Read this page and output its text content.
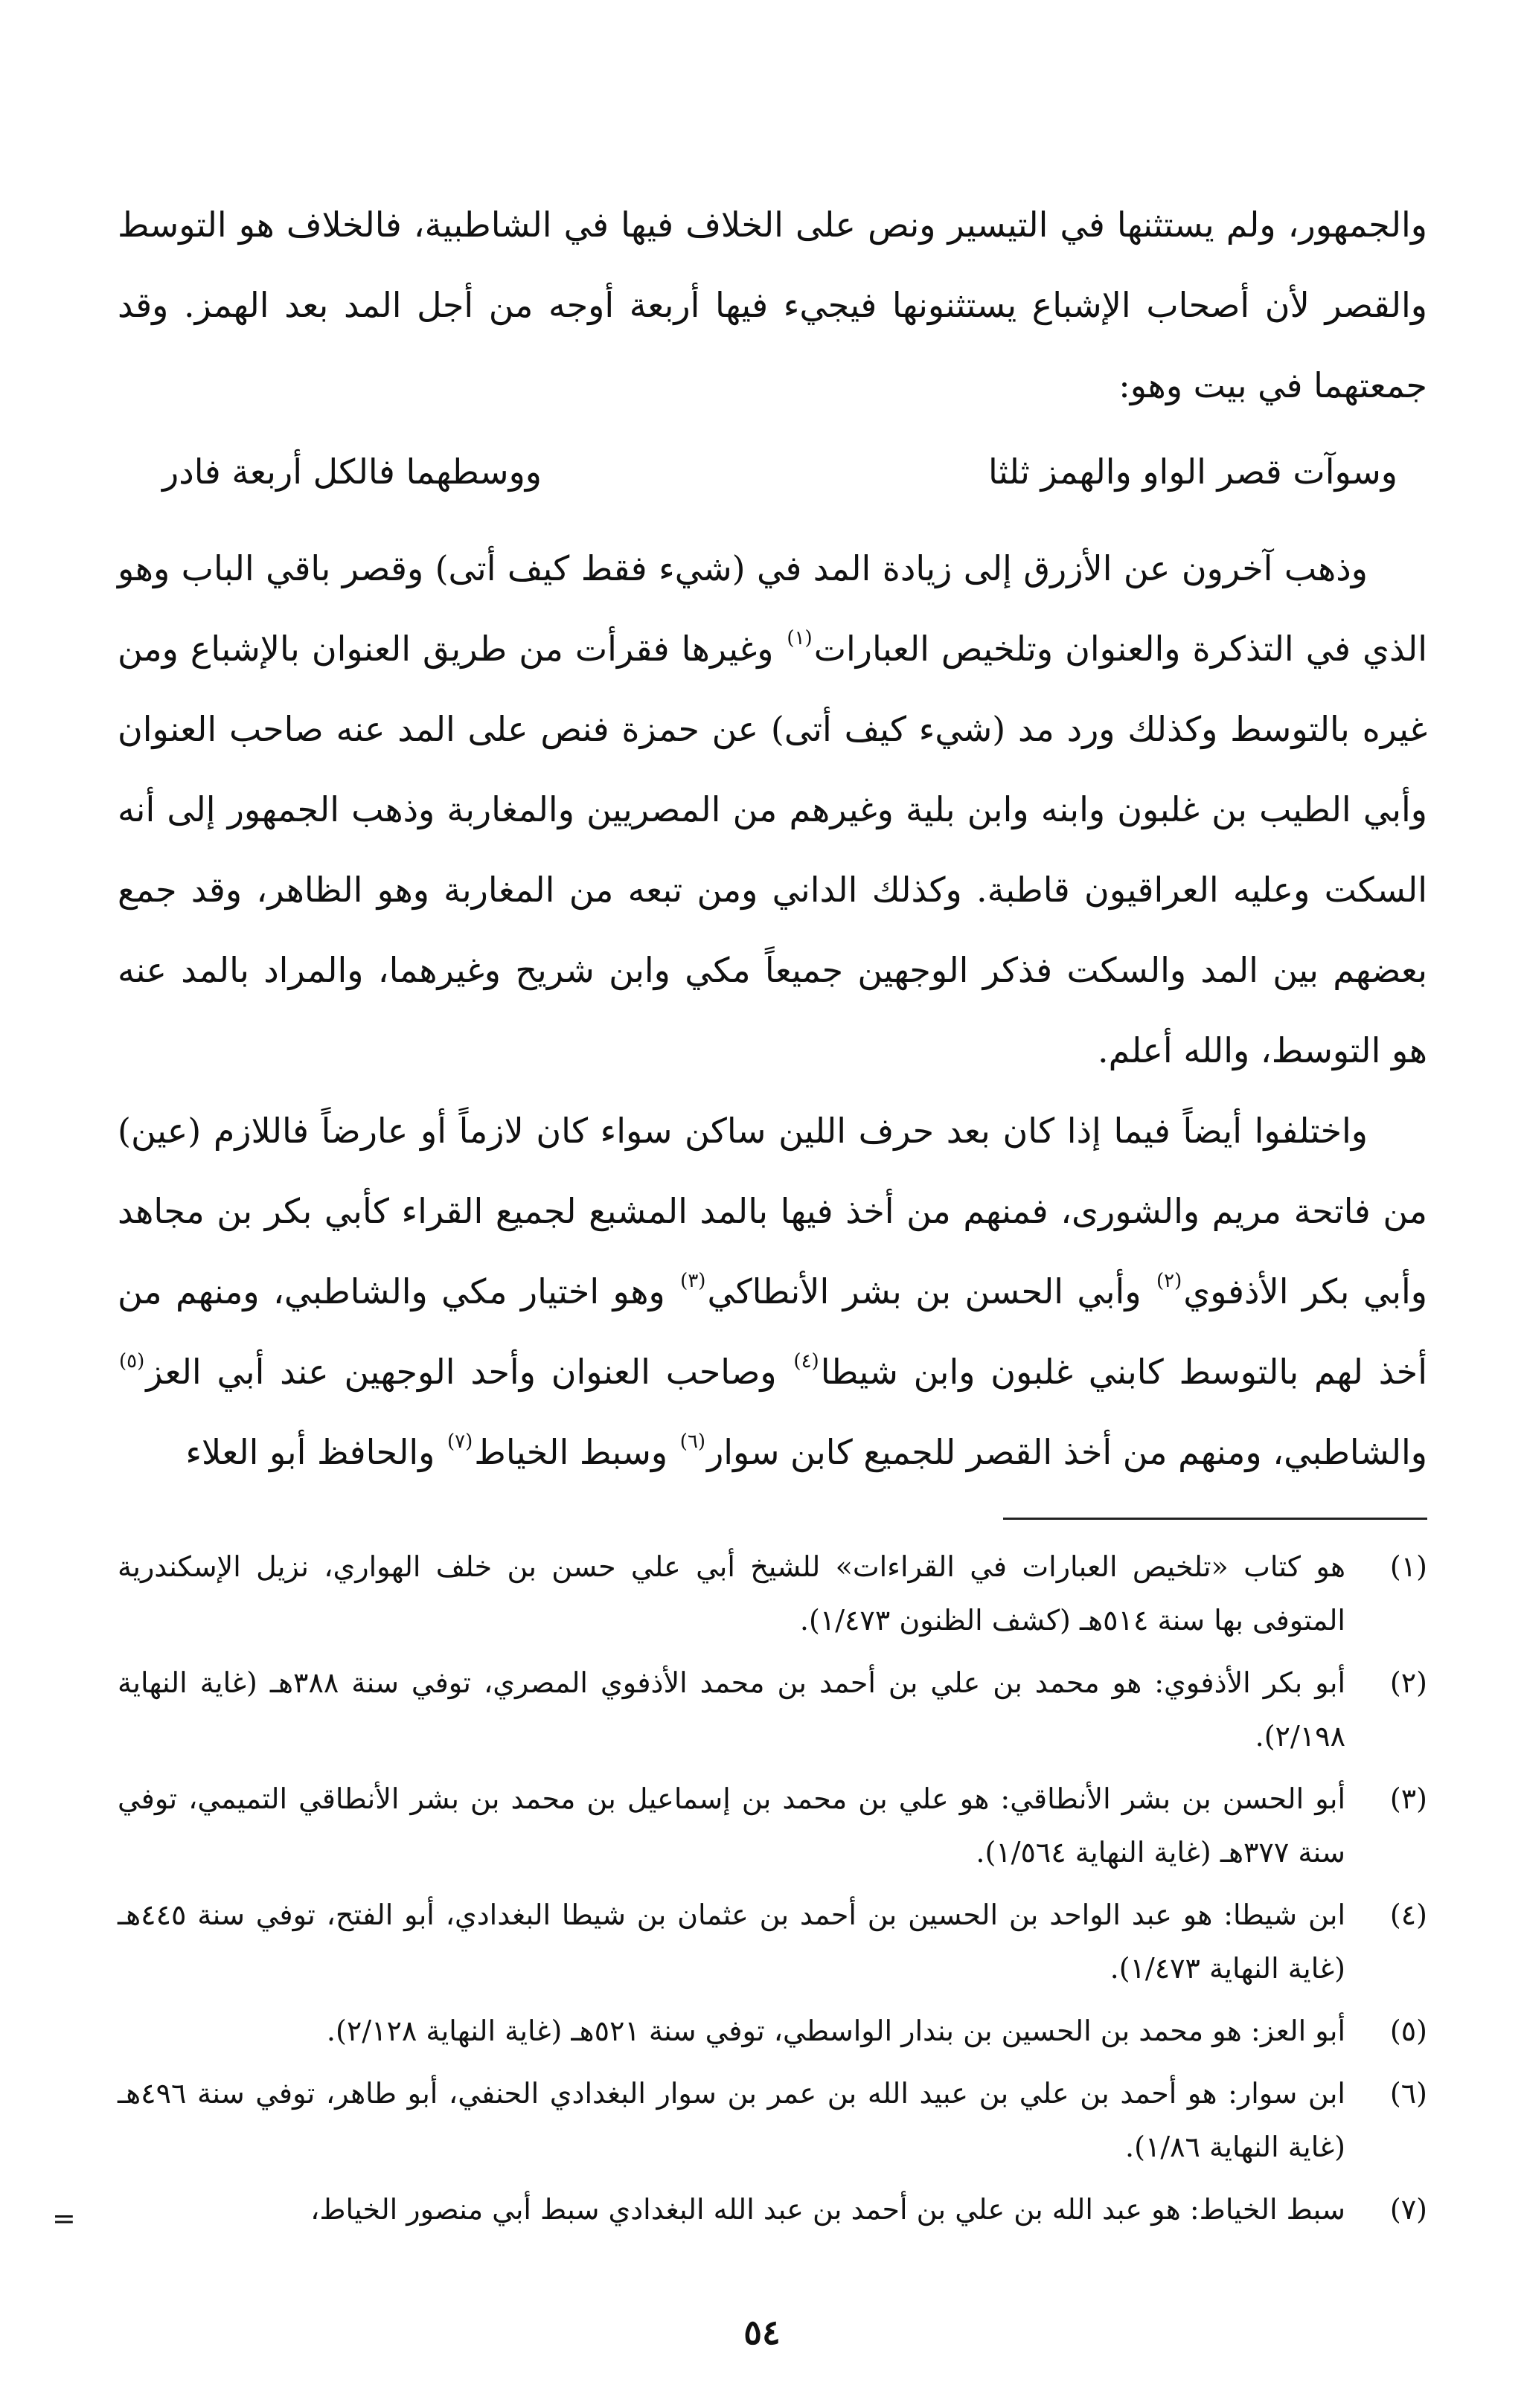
والجمهور، ولم يستثنها في التيسير ونص على الخلاف فيها في الشاطبية، فالخلاف هو التوسط والقصر لأن أصحاب الإشباع يستثنونها فيجيء فيها أربعة أوجه من أجل المد بعد الهمز. وقد جمعتهما في بيت وهو:

وسوآت قصر الواو والهمز ثلثا
ووسطهما فالكل أربعة فادر

وذهب آخرون عن الأزرق إلى زيادة المد في (شيء فقط كيف أتى) وقصر باقي الباب وهو الذي في التذكرة والعنوان وتلخيص العبارات$^{(١)}$ وغيرها فقرأت من طريق العنوان بالإشباع ومن غيره بالتوسط وكذلك ورد مد (شيء كيف أتى) عن حمزة فنص على المد عنه صاحب العنوان وأبي الطيب بن غلبون وابنه وابن بلية وغيرهم من المصريين والمغاربة وذهب الجمهور إلى أنه السكت وعليه العراقيون قاطبة. وكذلك الداني ومن تبعه من المغاربة وهو الظاهر، وقد جمع بعضهم بين المد والسكت فذكر الوجهين جميعاً مكي وابن شريح وغيرهما، والمراد بالمد عنه هو التوسط، والله أعلم.

واختلفوا أيضاً فيما إذا كان بعد حرف اللين ساكن سواء كان لازماً أو عارضاً فاللازم (عين) من فاتحة مريم والشورى، فمنهم من أخذ فيها بالمد المشبع لجميع القراء كأبي بكر بن مجاهد وأبي بكر الأذفوي$^{(٢)}$ وأبي الحسن بن بشر الأنطاكي$^{(٣)}$ وهو اختيار مكي والشاطبي، ومنهم من أخذ لهم بالتوسط كابني غلبون وابن شيطا$^{(٤)}$ وصاحب العنوان وأحد الوجهين عند أبي العز$^{(٥)}$ والشاطبي، ومنهم من أخذ القصر للجميع كابن سوار$^{(٦)}$ وسبط الخياط$^{(٧)}$ والحافظ أبو العلاء

(١)
هو كتاب «تلخيص العبارات في القراءات» للشيخ أبي علي حسن بن خلف الهواري، نزيل الإسكندرية المتوفى بها سنة ٥١٤هـ (كشف الظنون ١/٤٧٣).
(٢)
أبو بكر الأذفوي: هو محمد بن علي بن أحمد بن محمد الأذفوي المصري، توفي سنة ٣٨٨هـ (غاية النهاية ٢/١٩٨).
(٣)
أبو الحسن بن بشر الأنطاقي: هو علي بن محمد بن إسماعيل بن محمد بن بشر الأنطاقي التميمي، توفي سنة ٣٧٧هـ (غاية النهاية ١/٥٦٤).
(٤)
ابن شيطا: هو عبد الواحد بن الحسين بن أحمد بن عثمان بن شيطا البغدادي، أبو الفتح، توفي سنة ٤٤٥هـ (غاية النهاية ١/٤٧٣).
(٥)
أبو العز: هو محمد بن الحسين بن بندار الواسطي، توفي سنة ٥٢١هـ (غاية النهاية ٢/١٢٨).
(٦)
ابن سوار: هو أحمد بن علي بن عبيد الله بن عمر بن سوار البغدادي الحنفي، أبو طاهر، توفي سنة ٤٩٦هـ (غاية النهاية ١/٨٦).
(٧)
سبط الخياط: هو عبد الله بن علي بن أحمد بن عبد الله البغدادي سبط أبي منصور الخياط،
=
٥٤
